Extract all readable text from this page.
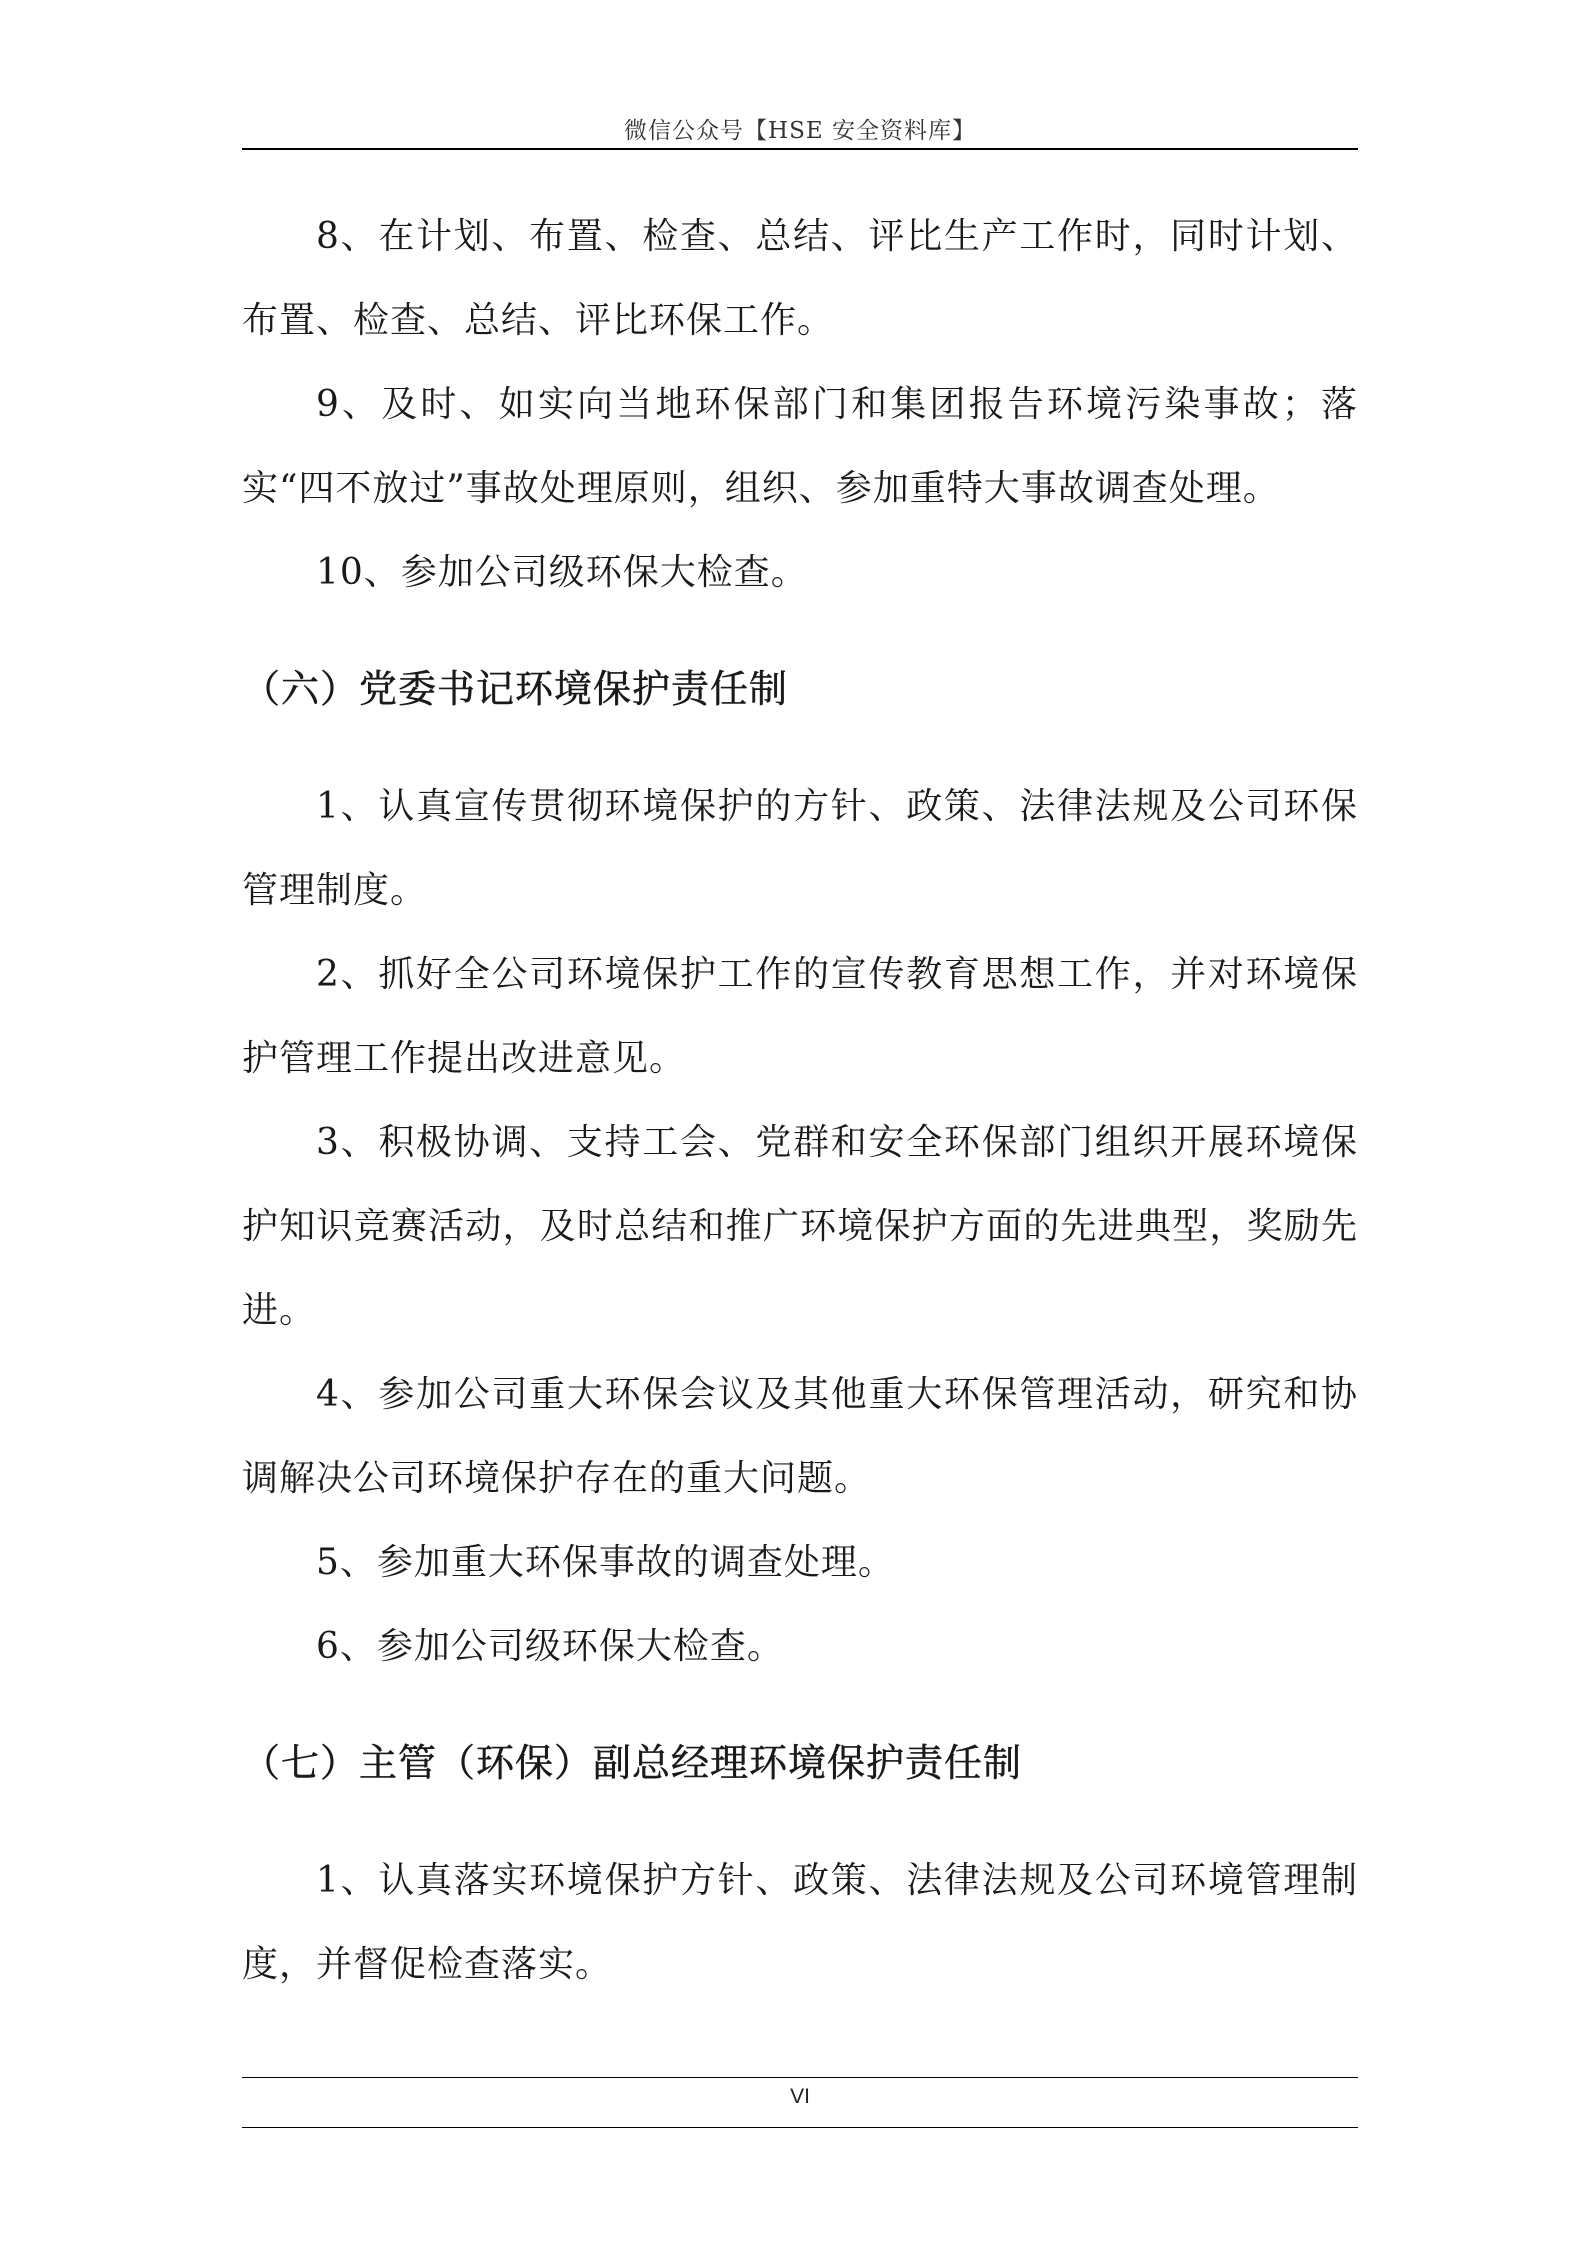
微信公众号【HSE 安全资料库】

8、在计划、布置、检查、总结、评比生产工作时，同时计划、布置、检查、总结、评比环保工作。

9、及时、如实向当地环保部门和集团报告环境污染事故；落实“四不放过”事故处理原则，组织、参加重特大事故调查处理。

10、参加公司级环保大检查。

（六）党委书记环境保护责任制

1、认真宣传贯彻环境保护的方针、政策、法律法规及公司环保管理制度。

2、抓好全公司环境保护工作的宣传教育思想工作，并对环境保护管理工作提出改进意见。

3、积极协调、支持工会、党群和安全环保部门组织开展环境保护知识竞赛活动，及时总结和推广环境保护方面的先进典型，奖励先进。

4、参加公司重大环保会议及其他重大环保管理活动，研究和协调解决公司环境保护存在的重大问题。

5、参加重大环保事故的调查处理。

6、参加公司级环保大检查。

（七）主管（环保）副总经理环境保护责任制

1、认真落实环境保护方针、政策、法律法规及公司环境管理制度，并督促检查落实。

VI
